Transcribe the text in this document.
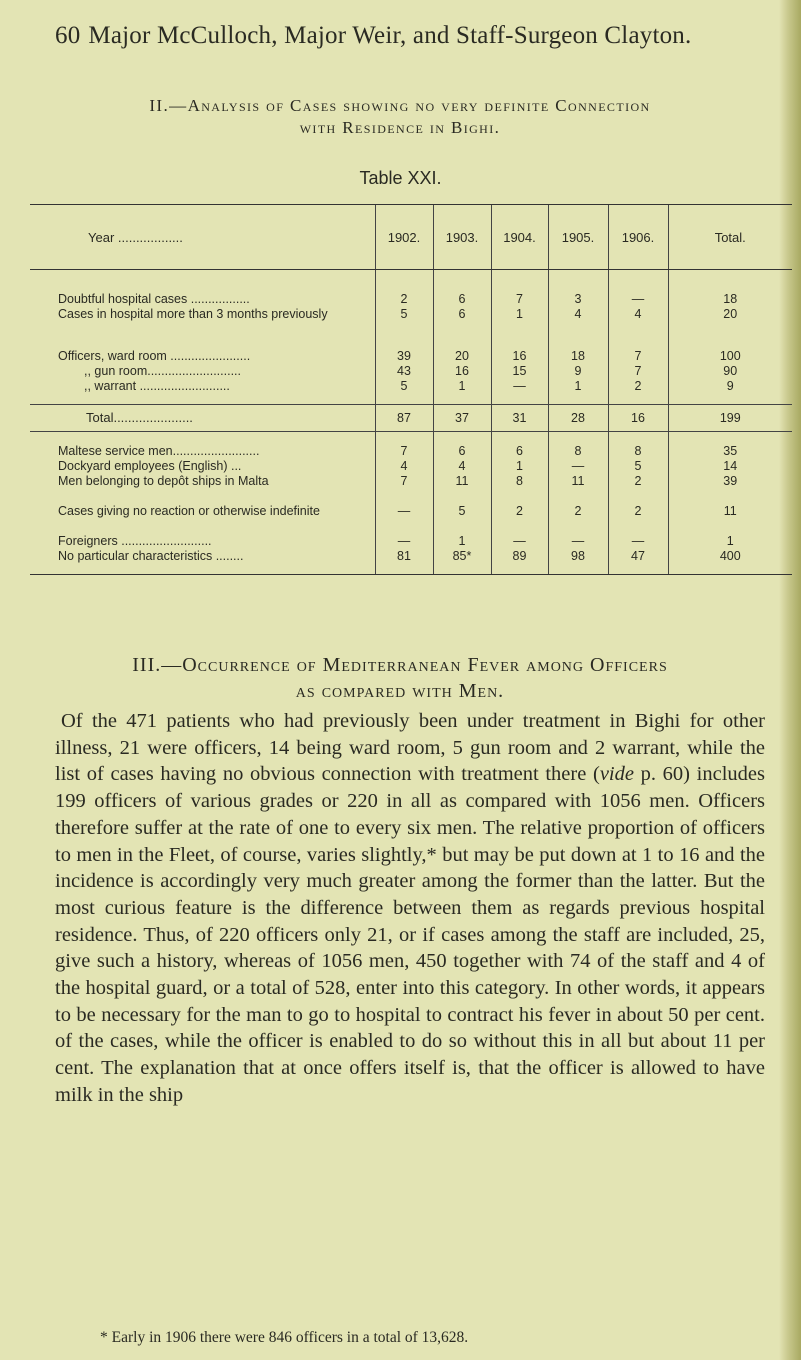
60 Major McCulloch, Major Weir, and Staff-Surgeon Clayton.
II.—Analysis of Cases showing no very definite Connection
with Residence in Bighi.
Table XXI.
Year ..................	1902.	1903.	1904.	1905.	1906.	Total.

Doubtful hospital cases .................	2	6	7	3	—	18
Cases in hospital more than 3 months previously	5	6	1	4	4	20

Officers, ward room .......................	39	20	16	18	7	100
,, gun room...........................	43	16	15	9	7	90
,, warrant ..........................	5	1	—	1	2	9
Total......................	87	37	31	28	16	199

Maltese service men.........................	7	6	6	8	8	35
Dockyard employees (English) ...	4	4	1	—	5	14
Men belonging to depôt ships in Malta	7	11	8	11	2	39
Cases giving no reaction or otherwise indefinite	—	5	2	2	2	11
Foreigners ..........................	—	1	—	—	—	1
No particular characteristics ........	81	85*	89	98	47	400
III.—Occurrence of Mediterranean Fever among Officers
as compared with Men.

Of the 471 patients who had previously been under treatment in Bighi for other illness, 21 were officers, 14 being ward room, 5 gun room and 2 warrant, while the list of cases having no obvious connection with treatment there (vide p. 60) includes 199 officers of various grades or 220 in all as compared with 1056 men. Officers therefore suffer at the rate of one to every six men. The relative proportion of officers to men in the Fleet, of course, varies slightly,* but may be put down at 1 to 16 and the incidence is accordingly very much greater among the former than the latter. But the most curious feature is the difference between them as regards previous hospital residence. Thus, of 220 officers only 21, or if cases among the staff are included, 25, give such a history, whereas of 1056 men, 450 together with 74 of the staff and 4 of the hospital guard, or a total of 528, enter into this category. In other words, it appears to be necessary for the man to go to hospital to contract his fever in about 50 per cent. of the cases, while the officer is enabled to do so without this in all but about 11 per cent. The explanation that at once offers itself is, that the officer is allowed to have milk in the ship

* Early in 1906 there were 846 officers in a total of 13,628.
